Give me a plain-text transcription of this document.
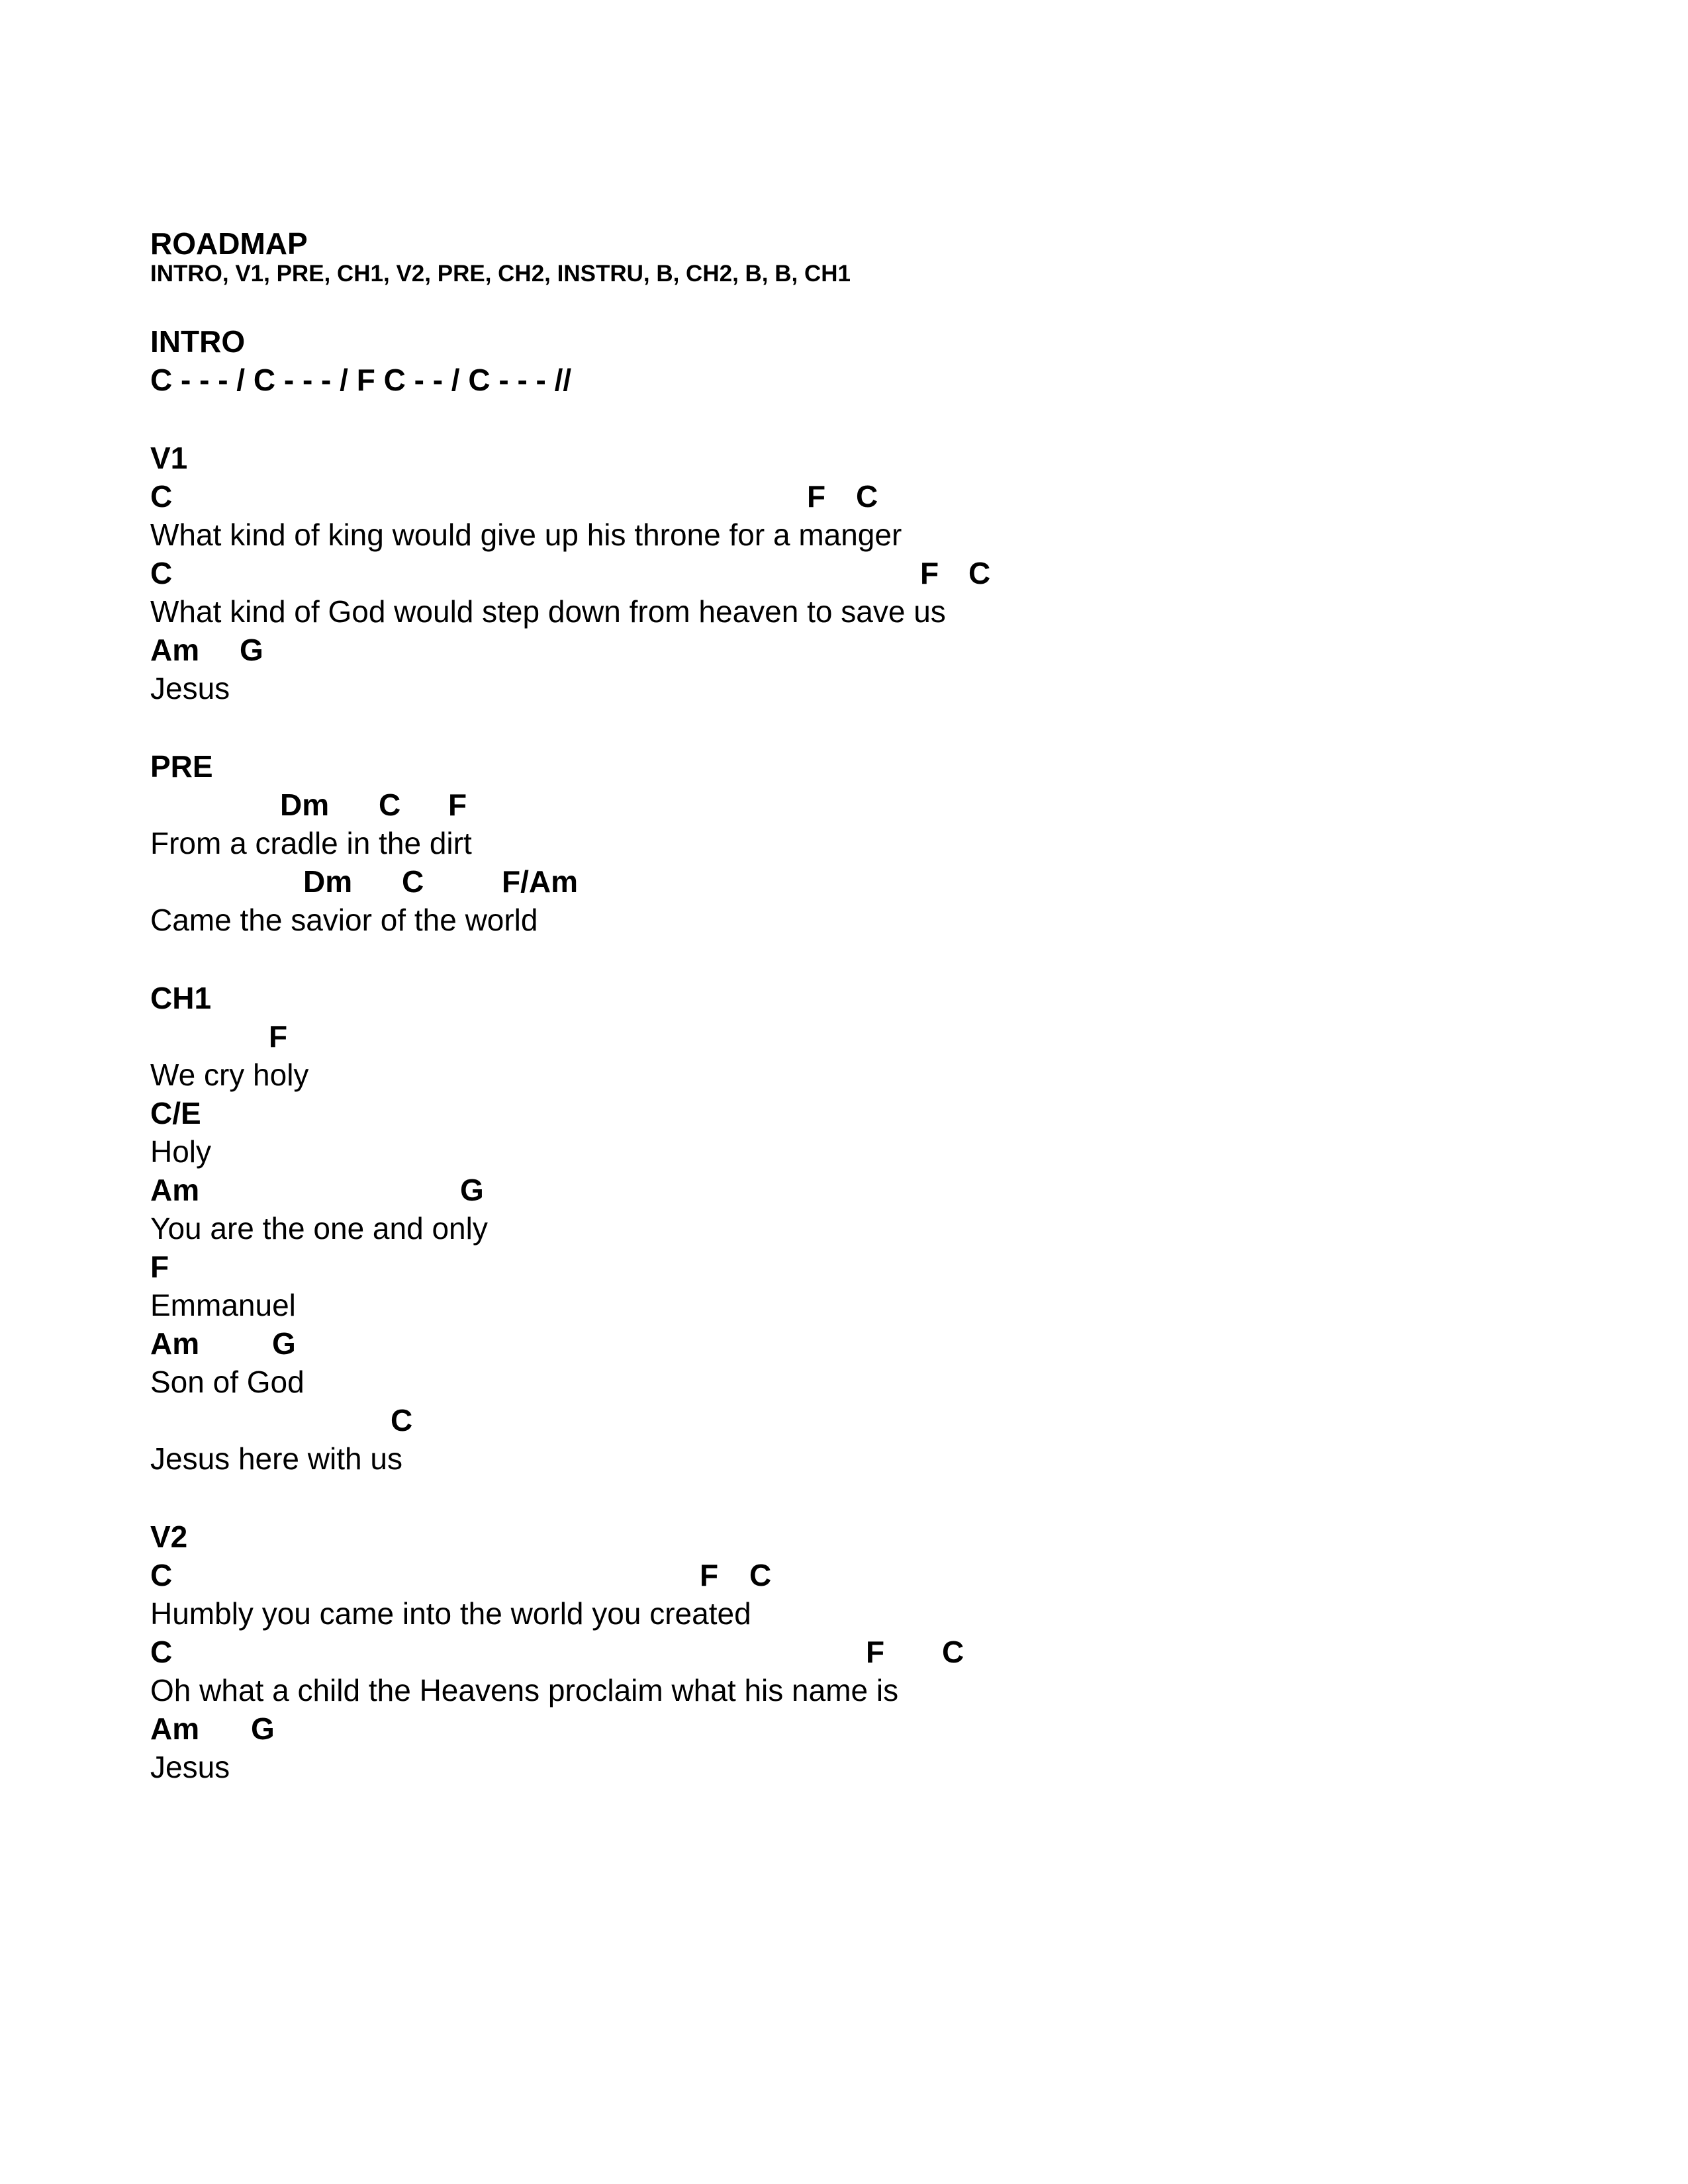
ROADMAP
INTRO, V1, PRE, CH1, V2, PRE, CH2, INSTRU, B, CH2, B, B, CH1
INTRO
C - - - / C - - - / F C - - / C - - - //
V1
C	F C
What kind of king would give up his throne for a manger
C	F C
What kind of God would step down from heaven to save us
Am G
Jesus
PRE
Dm C F
From a cradle in the dirt
Dm C	F/Am
Came the savior of the world
CH1
F
We cry holy
C/E
Holy
Am	G
You are the one and only
F
Emmanuel
Am G
Son of God
C
Jesus here with us
V2
C	F C
Humbly you came into the world you created
C	F C
Oh what a child the Heavens proclaim what his name is
Am G
Jesus
